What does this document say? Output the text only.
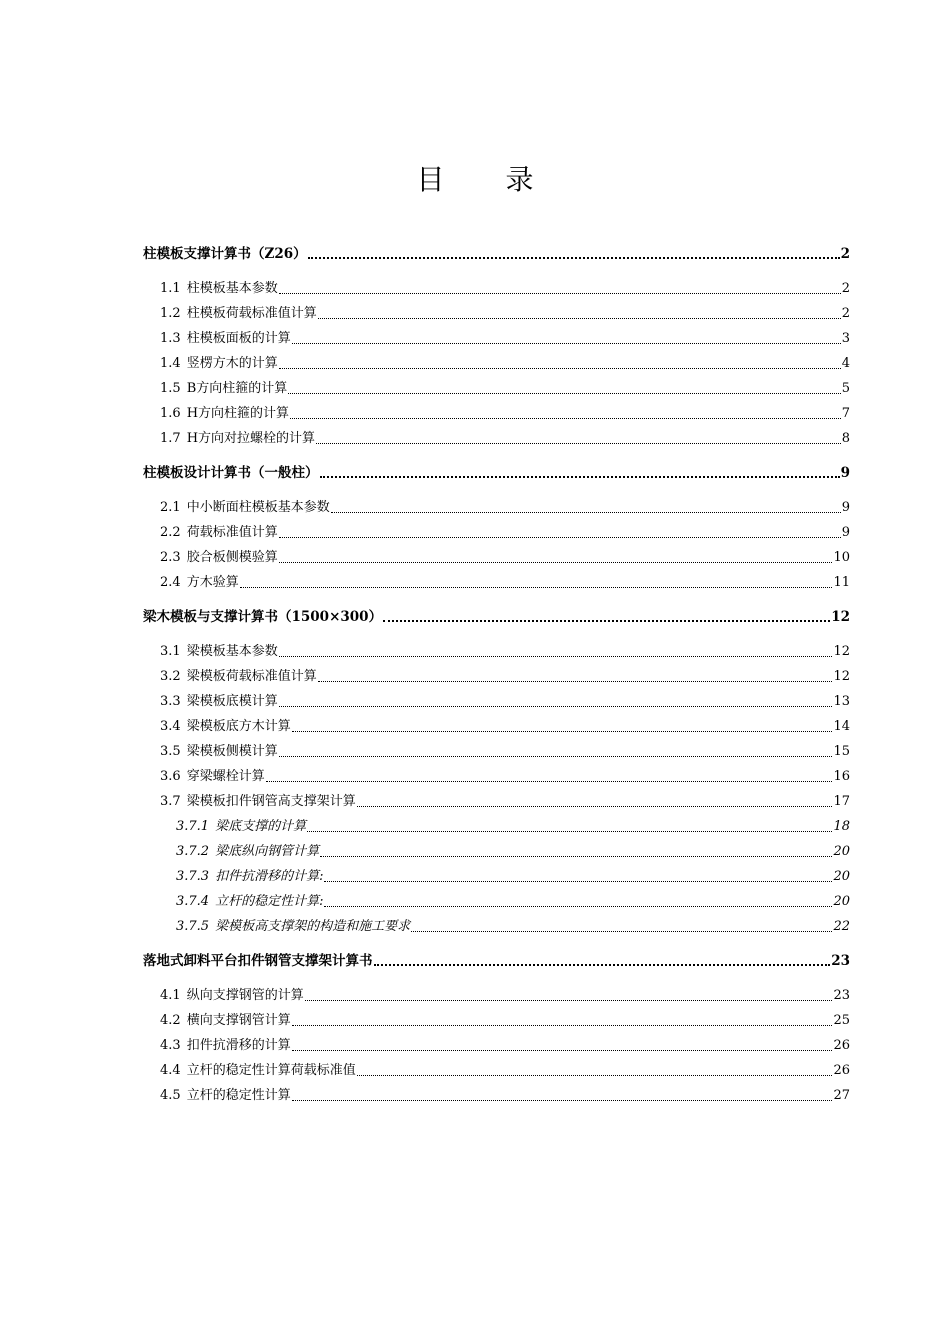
目 录
柱模板支撑计算书（Z26）	2
1.1 柱模板基本参数	2
1.2 柱模板荷载标准值计算	2
1.3 柱模板面板的计算	3
1.4 竖楞方木的计算	4
1.5 B方向柱箍的计算	5
1.6 H方向柱箍的计算	7
1.7 H方向对拉螺栓的计算	8
柱模板设计计算书（一般柱）	9
2.1 中小断面柱模板基本参数	9
2.2 荷载标准值计算	9
2.3 胶合板侧模验算	10
2.4 方木验算	11
梁木模板与支撑计算书（1500×300）	12
3.1 梁模板基本参数	12
3.2 梁模板荷载标准值计算	12
3.3 梁模板底模计算	13
3.4 梁模板底方木计算	14
3.5 梁模板侧模计算	15
3.6 穿梁螺栓计算	16
3.7 梁模板扣件钢管高支撑架计算	17
3.7.1 梁底支撑的计算	18
3.7.2 梁底纵向钢管计算	20
3.7.3 扣件抗滑移的计算:	20
3.7.4 立杆的稳定性计算:	20
3.7.5 梁模板高支撑架的构造和施工要求	22
落地式卸料平台扣件钢管支撑架计算书	23
4.1 纵向支撑钢管的计算	23
4.2 横向支撑钢管计算	25
4.3 扣件抗滑移的计算	26
4.4 立杆的稳定性计算荷载标准值	26
4.5 立杆的稳定性计算	27
